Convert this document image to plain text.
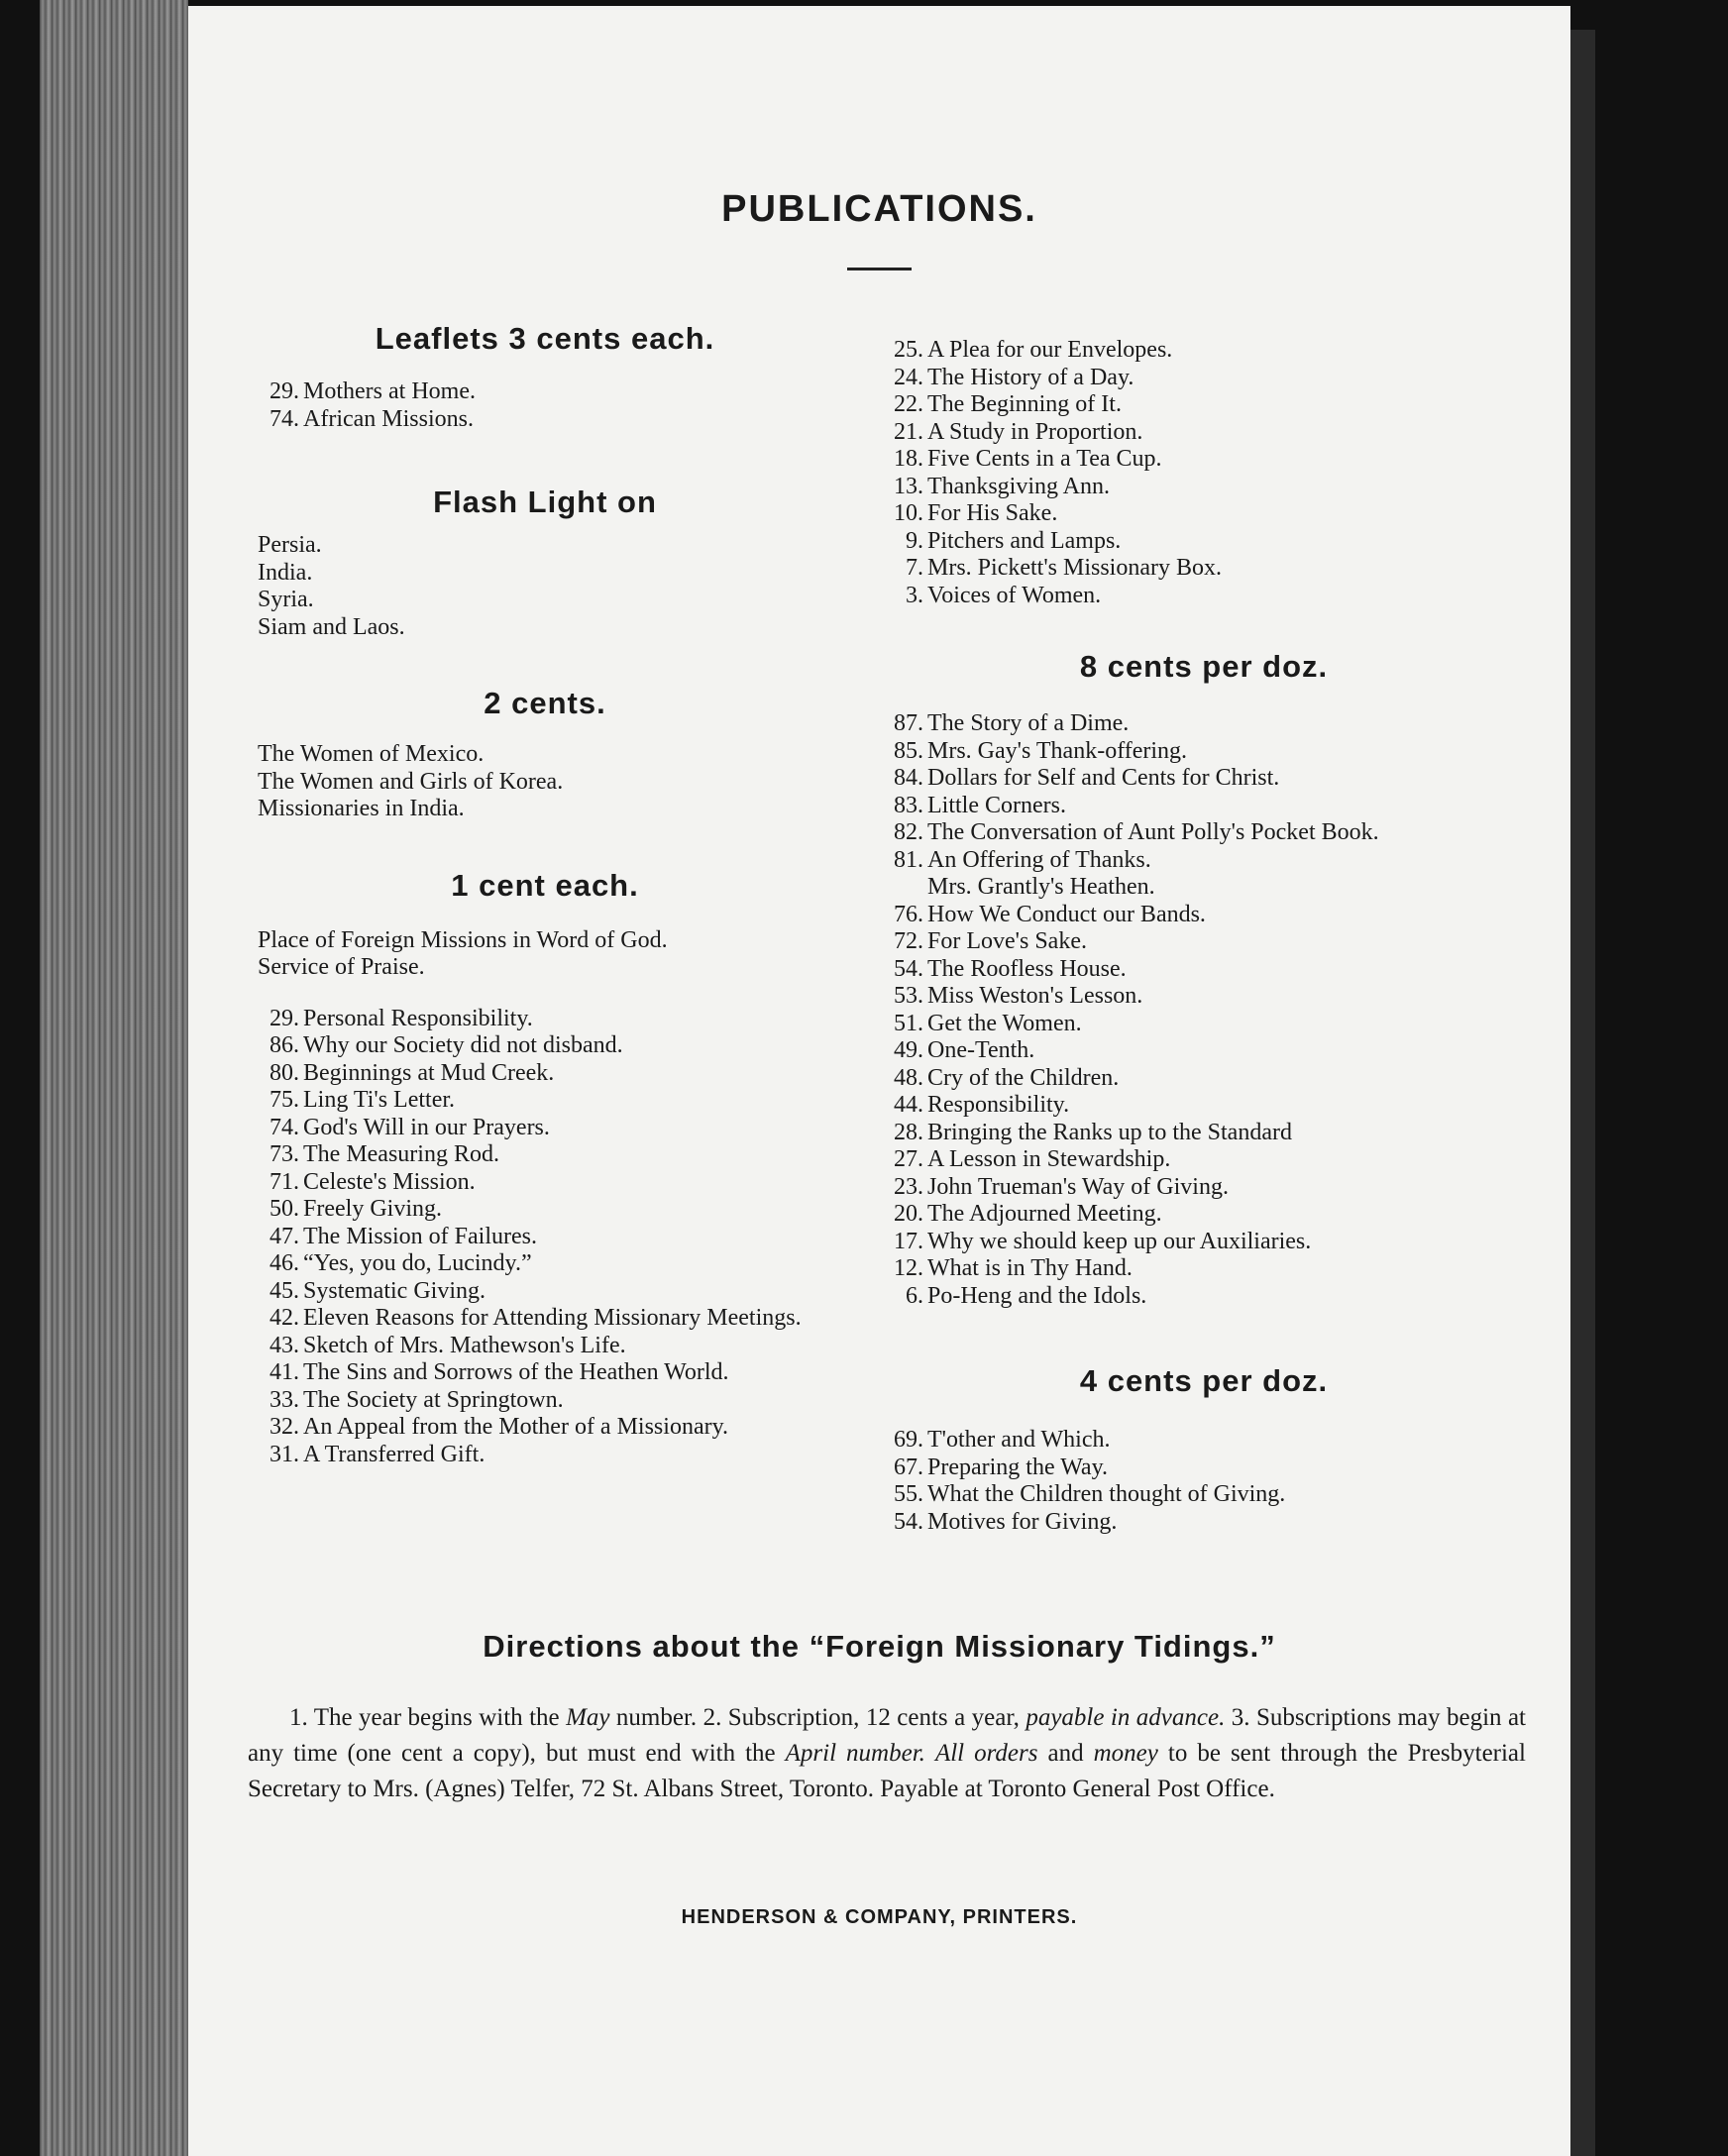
PUBLICATIONS.
Leaflets 3 cents each.
29. Mothers at Home.
74. African Missions.
Flash Light on
Persia.
India.
Syria.
Siam and Laos.
2 cents.
The Women of Mexico.
The Women and Girls of Korea.
Missionaries in India.
1 cent each.
Place of Foreign Missions in Word of God.
Service of Praise.
29. Personal Responsibility.
86. Why our Society did not disband.
80. Beginnings at Mud Creek.
75. Ling Ti's Letter.
74. God's Will in our Prayers.
73. The Measuring Rod.
71. Celeste's Mission.
50. Freely Giving.
47. The Mission of Failures.
46. “Yes, you do, Lucindy.”
45. Systematic Giving.
42. Eleven Reasons for Attending Missionary Meetings.
43. Sketch of Mrs. Mathewson's Life.
41. The Sins and Sorrows of the Heathen World.
33. The Society at Springtown.
32. An Appeal from the Mother of a Missionary.
31. A Transferred Gift.
25. A Plea for our Envelopes.
24. The History of a Day.
22. The Beginning of It.
21. A Study in Proportion.
18. Five Cents in a Tea Cup.
13. Thanksgiving Ann.
10. For His Sake.
9. Pitchers and Lamps.
7. Mrs. Pickett's Missionary Box.
3. Voices of Women.
8 cents per doz.
87. The Story of a Dime.
85. Mrs. Gay's Thank-offering.
84. Dollars for Self and Cents for Christ.
83. Little Corners.
82. The Conversation of Aunt Polly's Pocket Book.
81. An Offering of Thanks.
Mrs. Grantly's Heathen.
76. How We Conduct our Bands.
72. For Love's Sake.
54. The Roofless House.
53. Miss Weston's Lesson.
51. Get the Women.
49. One-Tenth.
48. Cry of the Children.
44. Responsibility.
28. Bringing the Ranks up to the Standard
27. A Lesson in Stewardship.
23. John Trueman's Way of Giving.
20. The Adjourned Meeting.
17. Why we should keep up our Auxiliaries.
12. What is in Thy Hand.
6. Po-Heng and the Idols.
4 cents per doz.
69. T'other and Which.
67. Preparing the Way.
55. What the Children thought of Giving.
54. Motives for Giving.
Directions about the “Foreign Missionary Tidings.”
1. The year begins with the May number. 2. Subscription, 12 cents a year, payable in advance. 3. Subscriptions may begin at any time (one cent a copy), but must end with the April number. All orders and money to be sent through the Presbyterial Secretary to Mrs. (Agnes) Telfer, 72 St. Albans Street, Toronto. Payable at Toronto General Post Office.
HENDERSON & COMPANY, PRINTERS.
